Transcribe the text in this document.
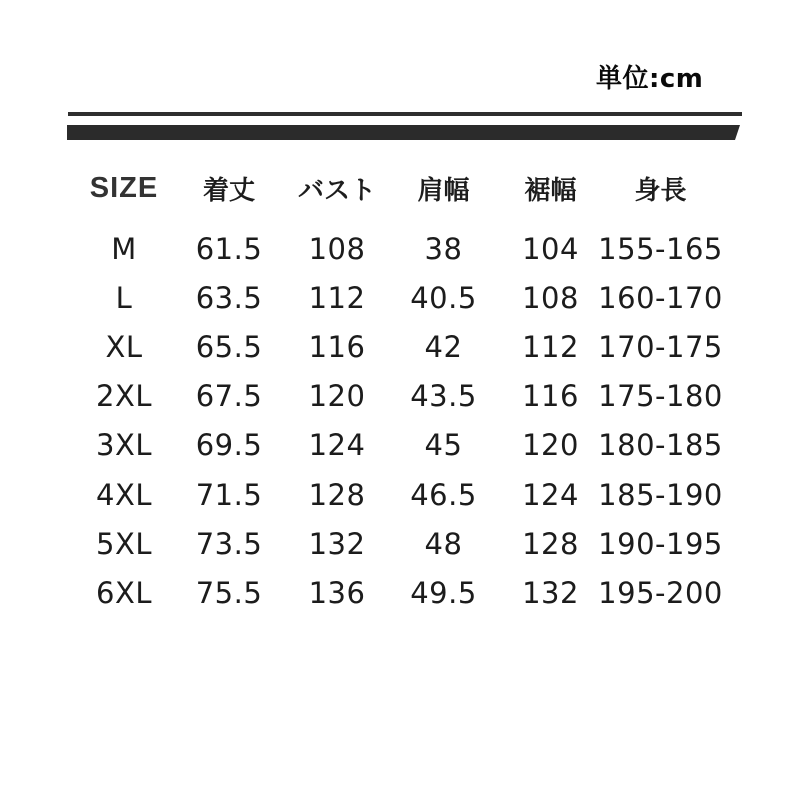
単位:cm
SIZE	着丈	バスト	肩幅	裾幅	身長
M	61.5	108	38	104 155-165
L	63.5	112	40.5	108 160-170
XL	65.5	116	42	112 170-175
2XL	67.5	120	43.5	116 175-180
3XL	69.5	124	45	120 180-185
4XL	71.5	128	46.5	124 185-190
5XL	73.5	132	48	128 190-195
6XL	75.5	136	49.5	132 195-200
